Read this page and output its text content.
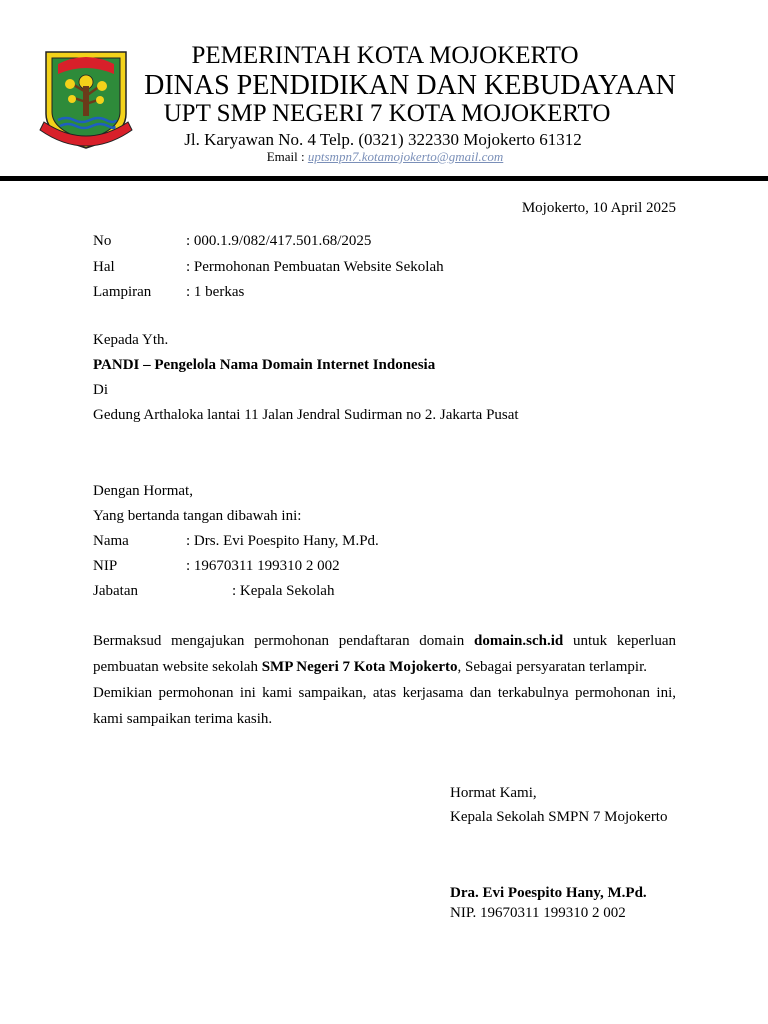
PEMERINTAH KOTA MOJOKERTO
DINAS PENDIDIKAN DAN KEBUDAYAAN
UPT SMP NEGERI 7 KOTA MOJOKERTO
Jl. Karyawan No. 4 Telp. (0321) 322330 Mojokerto 61312
Email : uptsmpn7.kotamojokerto@gmail.com
Mojokerto, 10 April 2025
No	: 000.1.9/082/417.501.68/2025
Hal	: Permohonan Pembuatan Website Sekolah
Lampiran : 1 berkas
Kepada Yth.
PANDI – Pengelola Nama Domain Internet Indonesia
Di
Gedung Arthaloka lantai 11 Jalan Jendral Sudirman no 2. Jakarta Pusat
Dengan Hormat,
Yang bertanda tangan dibawah ini:
Nama	: Drs. Evi Poespito Hany, M.Pd.
NIP	: 19670311 199310 2 002
Jabatan	: Kepala Sekolah
Bermaksud mengajukan permohonan pendaftaran domain domain.sch.id untuk keperluan
pembuatan website sekolah SMP Negeri 7 Kota Mojokerto, Sebagai persyaratan terlampir.
Demikian permohonan ini kami sampaikan, atas kerjasama dan terkabulnya permohonan ini,
kami sampaikan terima kasih.
Hormat Kami,
Kepala Sekolah SMPN 7 Mojokerto
Dra. Evi Poespito Hany, M.Pd.
NIP. 19670311 199310 2 002
